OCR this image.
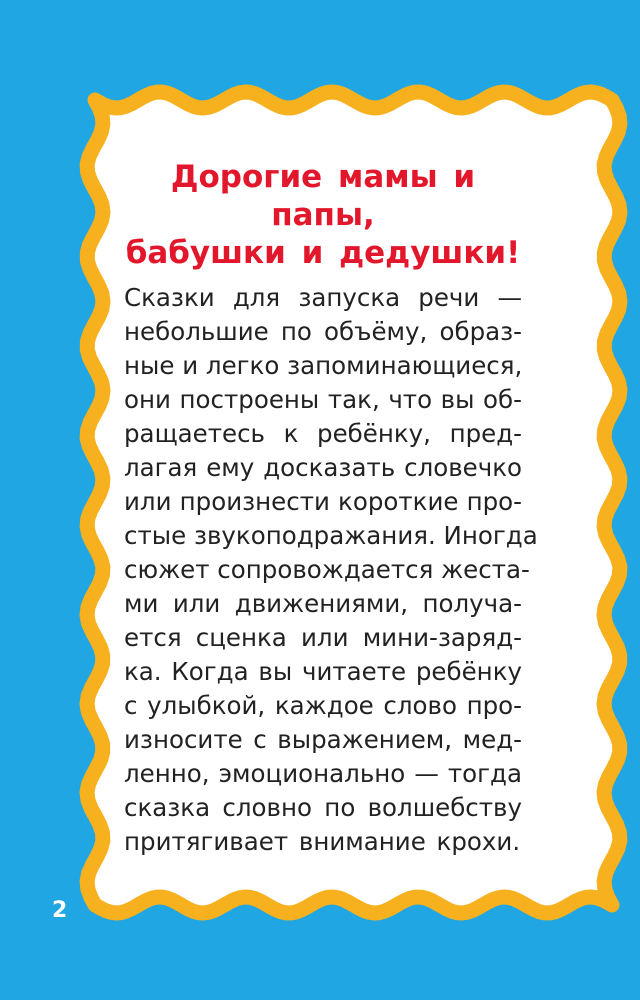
Дорогие мамы и папы,
бабушки и дедушки!
Сказки для запуска речи —
небольшие по объёму, образ-
ные и легко запоминающиеся,
они построены так, что вы об-
ращаетесь к ребёнку, пред-
лагая ему досказать словечко
или произнести короткие про-
стые звукоподражания. Иногда
сюжет сопровождается жеста-
ми или движениями, получа-
ется сценка или мини-заряд-
ка. Когда вы читаете ребёнку
с улыбкой, каждое слово про-
износите с выражением, мед-
ленно, эмоционально — тогда
сказка словно по волшебству
притягивает внимание крохи.
2
